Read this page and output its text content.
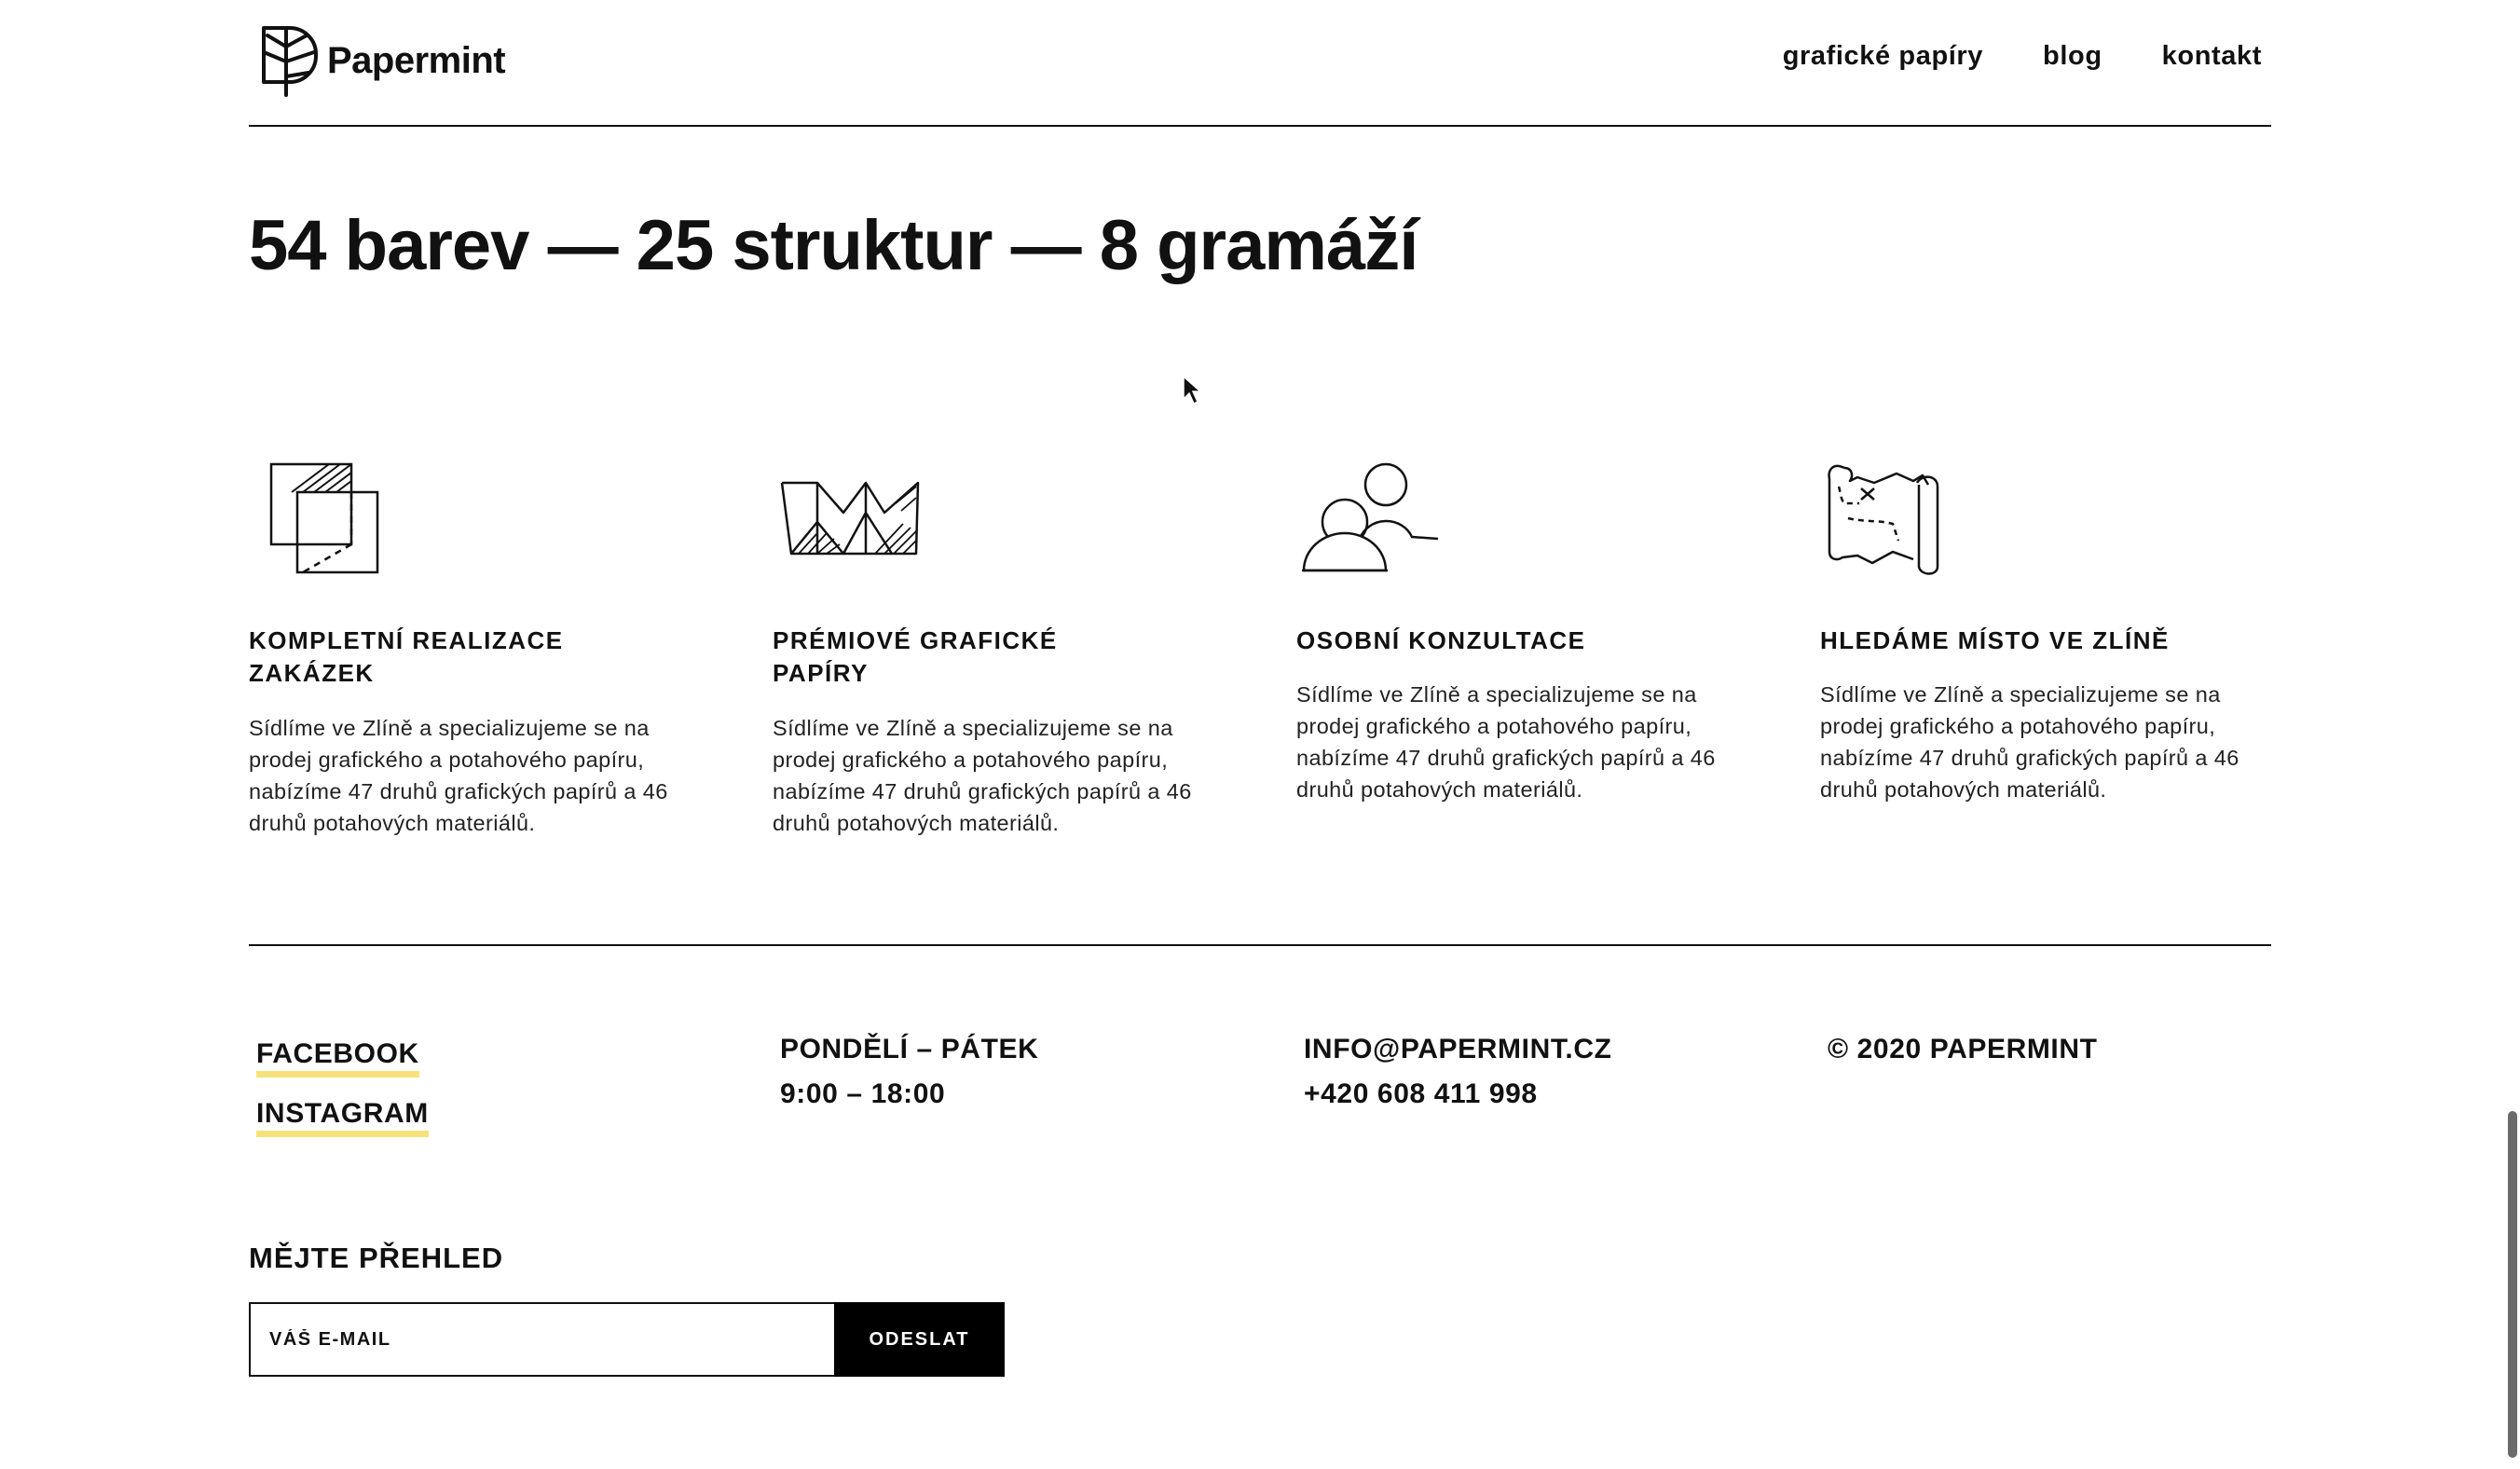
Papermint	grafické papíry blog kontakt
54 barev — 25 struktur — 8 gramáží
KOMPLETNÍ REALIZACE
ZAKÁZEK

Sídlíme ve Zlíně a specializujeme se na prodej grafického a potahového papíru, nabízíme 47 druhů grafických papírů a 46 druhů potahových materiálů.

PRÉMIOVÉ GRAFICKÉ
PAPÍRY

Sídlíme ve Zlíně a specializujeme se na prodej grafického a potahového papíru, nabízíme 47 druhů grafických papírů a 46 druhů potahových materiálů.

OSOBNÍ KONZULTACE

Sídlíme ve Zlíně a specializujeme se na prodej grafického a potahového papíru, nabízíme 47 druhů grafických papírů a 46 druhů potahových materiálů.

HLEDÁME MÍSTO VE ZLÍNĚ

Sídlíme ve Zlíně a specializujeme se na prodej grafického a potahového papíru, nabízíme 47 druhů grafických papírů a 46 druhů potahových materiálů.

FACEBOOK
INSTAGRAM
PONDĚLÍ – PÁTEK
9:00 – 18:00
INFO@PAPERMINT.CZ
+420 608 411 998
© 2020 PAPERMINT
MĚJTE PŘEHLED
VÁŠ E-MAIL
ODESLAT
